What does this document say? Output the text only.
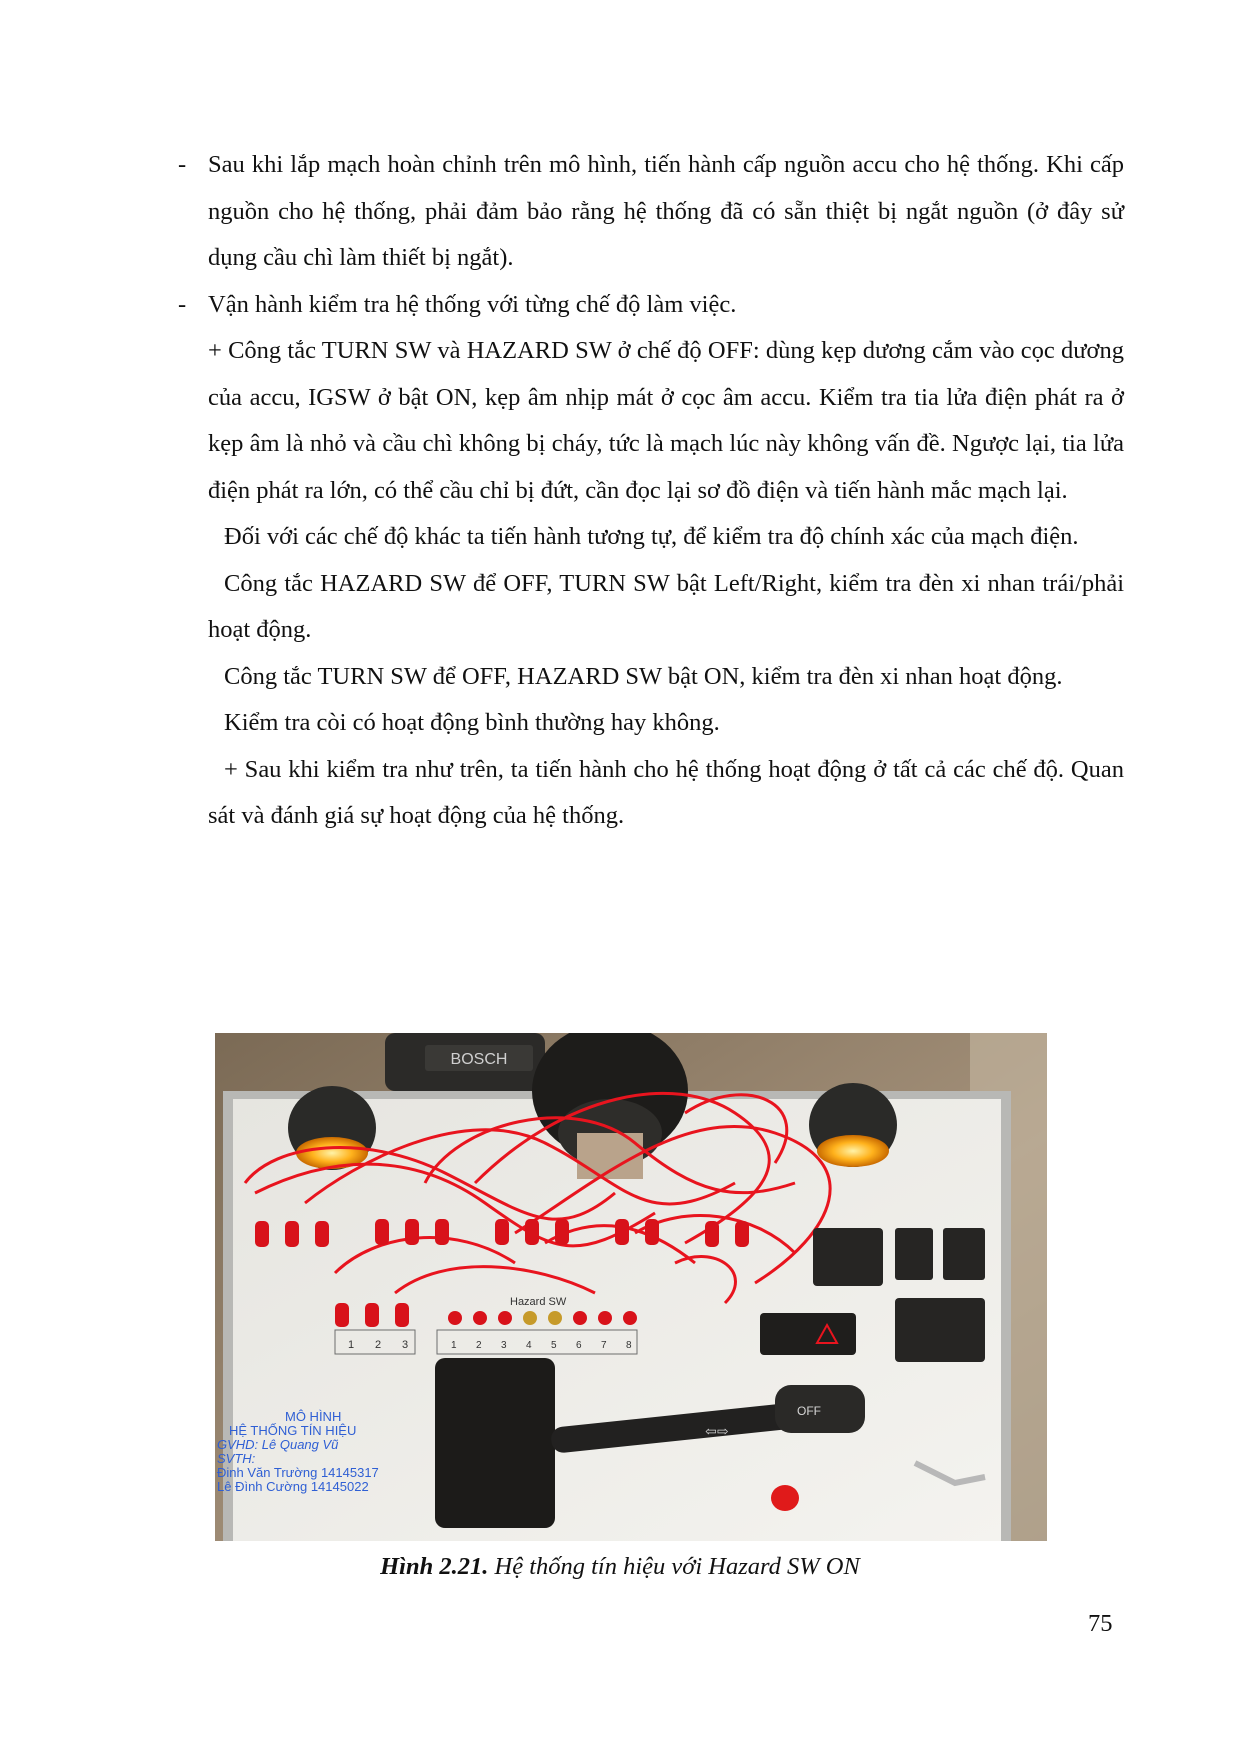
- Sau khi lắp mạch hoàn chỉnh trên mô hình, tiến hành cấp nguồn accu cho hệ thống. Khi cấp nguồn cho hệ thống, phải đảm bảo rằng hệ thống đã có sẵn thiệt bị ngắt nguồn (ở đây sử dụng cầu chì làm thiết bị ngắt).
- Vận hành kiểm tra hệ thống với từng chế độ làm việc.
+ Công tắc TURN SW và HAZARD SW ở chế độ OFF: dùng kẹp dương cắm vào cọc dương của accu, IGSW ở bật ON, kẹp âm nhịp mát ở cọc âm accu. Kiểm tra tia lửa điện phát ra ở kẹp âm là nhỏ và cầu chì không bị cháy, tức là mạch lúc này không vấn đề. Ngược lại, tia lửa điện phát ra lớn, có thể cầu chỉ bị đứt, cần đọc lại sơ đồ điện và tiến hành mắc mạch lại.
Đối với các chế độ khác ta tiến hành tương tự, để kiểm tra độ chính xác của mạch điện.
Công tắc HAZARD SW để OFF, TURN SW bật Left/Right, kiểm tra đèn xi nhan trái/phải hoạt động.
Công tắc TURN SW để OFF, HAZARD SW bật ON, kiểm tra đèn xi nhan hoạt động.
Kiểm tra còi có hoạt động bình thường hay không.
+ Sau khi kiểm tra như trên, ta tiến hành cho hệ thống hoạt động ở tất cả các chế độ. Quan sát và đánh giá sự hoạt động của hệ thống.
BOSCH
1 2 3
Hazard SW
1 2 3 4 5 6 7 8
OFF
⇦⇨
MÔ HÌNH
HỆ THỐNG TÍN HIỆU
GVHD: Lê Quang Vũ
SVTH:
Đinh Văn Trường 14145317
Lê Đình Cường 14145022
Hình 2.21. Hệ thống tín hiệu với Hazard SW ON
75
